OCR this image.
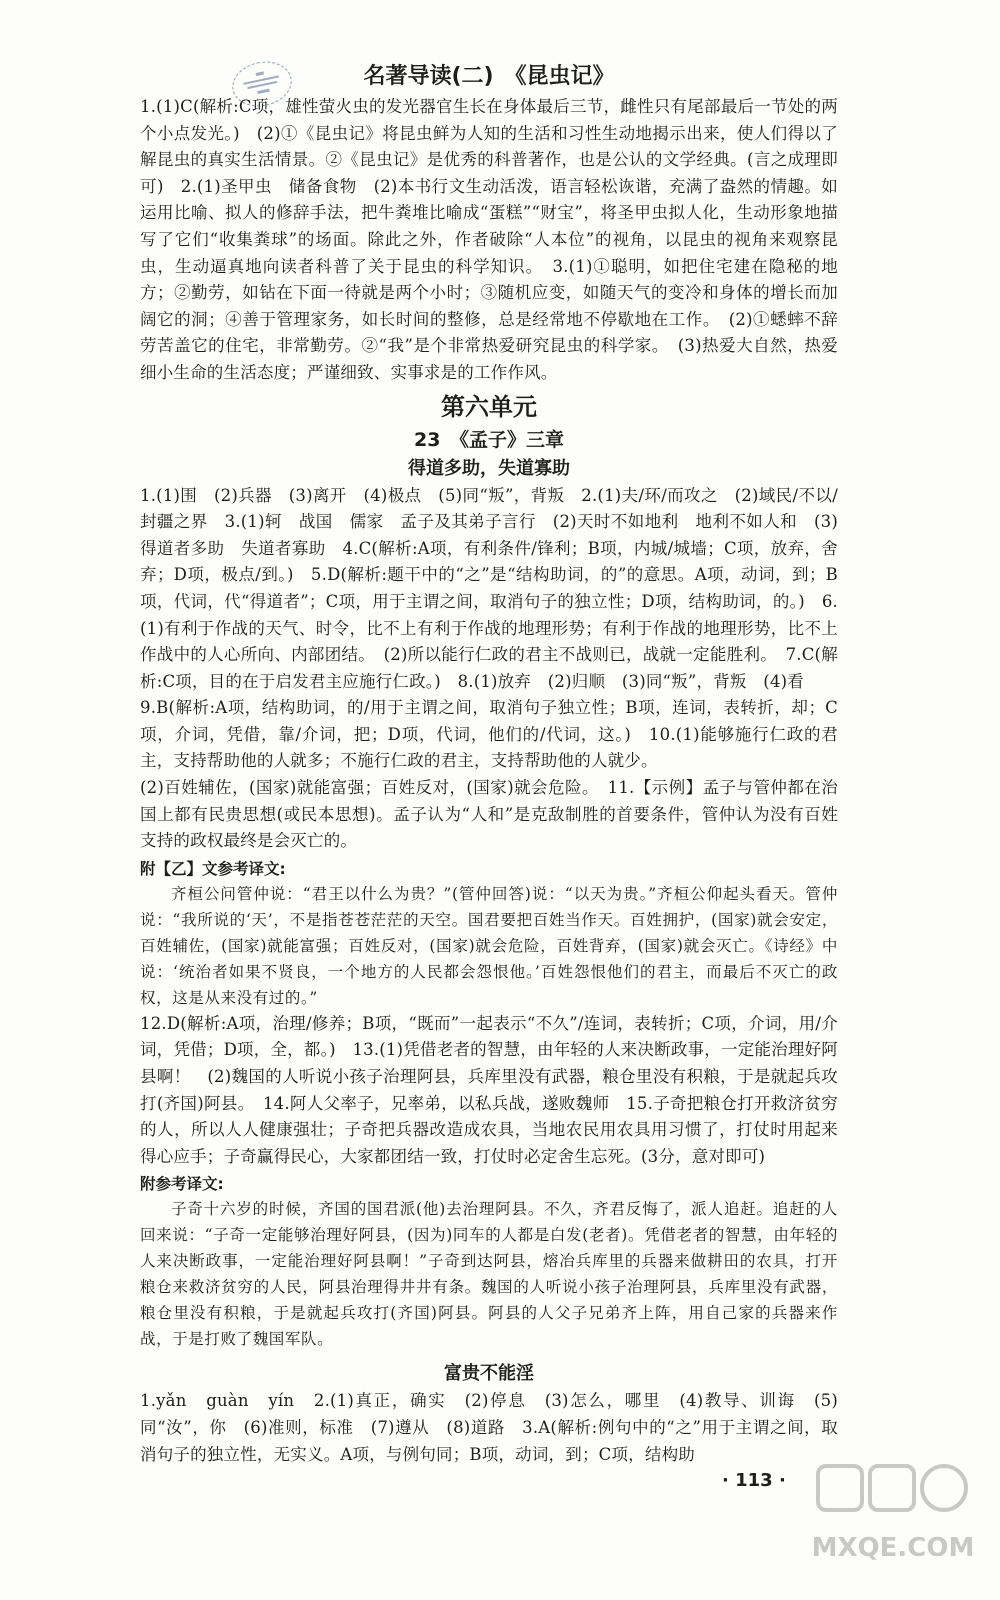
名著导读(二)　《昆虫记》

1.(1)C(解析:C项，雄性萤火虫的发光器官生长在身体最后三节，雌性只有尾部最后一节处的两个小点发光。)　(2)①《昆虫记》将昆虫鲜为人知的生活和习性生动地揭示出来，使人们得以了解昆虫的真实生活情景。②《昆虫记》是优秀的科普著作，也是公认的文学经典。(言之成理即可)　2.(1)圣甲虫　储备食物　(2)本书行文生动活泼，语言轻松诙谐，充满了盎然的情趣。如运用比喻、拟人的修辞手法，把牛粪堆比喻成“蛋糕”“财宝”，将圣甲虫拟人化，生动形象地描写了它们“收集粪球”的场面。除此之外，作者破除“人本位”的视角，以昆虫的视角来观察昆虫，生动逼真地向读者科普了关于昆虫的科学知识。　3.(1)①聪明，如把住宅建在隐秘的地方；②勤劳，如钻在下面一待就是两个小时；③随机应变，如随天气的变冷和身体的增长而加阔它的洞；④善于管理家务，如长时间的整修，总是经常地不停歇地在工作。　(2)①蟋蟀不辞劳苦盖它的住宅，非常勤劳。②“我”是个非常热爱研究昆虫的科学家。　(3)热爱大自然，热爱细小生命的生活态度；严谨细致、实事求是的工作作风。

第六单元
23　《孟子》三章
得道多助，失道寡助

1.(1)围　(2)兵器　(3)离开　(4)极点　(5)同“叛”，背叛　2.(1)夫/环/而攻之　(2)域民/不以/封疆之界　3.(1)轲　战国　儒家　孟子及其弟子言行　(2)天时不如地利　地利不如人和　(3)得道者多助　失道者寡助　4.C(解析:A项，有利条件/锋利；B项，内城/城墙；C项，放弃，舍弃；D项，极点/到。)　5.D(解析:题干中的“之”是“结构助词，的”的意思。A项，动词，到；B项，代词，代“得道者”；C项，用于主谓之间，取消句子的独立性；D项，结构助词，的。)　6.(1)有利于作战的天气、时令，比不上有利于作战的地理形势；有利于作战的地理形势，比不上作战中的人心所向、内部团结。　(2)所以能行仁政的君主不战则已，战就一定能胜利。　7.C(解析:C项，目的在于启发君主应施行仁政。)　8.(1)放弃　(2)归顺　(3)同“叛”，背叛　(4)看

9.B(解析:A项，结构助词，的/用于主谓之间，取消句子独立性；B项，连词，表转折，却；C项，介词，凭借，靠/介词，把；D项，代词，他们的/代词，这。)　10.(1)能够施行仁政的君主，支持帮助他的人就多；不施行仁政的君主，支持帮助他的人就少。

(2)百姓辅佐，(国家)就能富强；百姓反对，(国家)就会危险。　11.【示例】孟子与管仲都在治国上都有民贵思想(或民本思想)。孟子认为“人和”是克敌制胜的首要条件，管仲认为没有百姓支持的政权最终是会灭亡的。

附【乙】文参考译文:

齐桓公问管仲说：“君王以什么为贵？”(管仲回答)说：“以天为贵。”齐桓公仰起头看天。管仲说：“我所说的‘天’，不是指苍苍茫茫的天空。国君要把百姓当作天。百姓拥护，(国家)就会安定，百姓辅佐，(国家)就能富强；百姓反对，(国家)就会危险，百姓背弃，(国家)就会灭亡。《诗经》中说：‘统治者如果不贤良，一个地方的人民都会怨恨他。’百姓怨恨他们的君主，而最后不灭亡的政权，这是从来没有过的。”

12.D(解析:A项，治理/修养；B项，“既而”一起表示“不久”/连词，表转折；C项，介词，用/介词，凭借；D项，全，都。)　13.(1)凭借老者的智慧，由年轻的人来决断政事，一定能治理好阿县啊！　(2)魏国的人听说小孩子治理阿县，兵库里没有武器，粮仓里没有积粮，于是就起兵攻打(齐国)阿县。　14.阿人父率子，兄率弟，以私兵战，遂败魏师　15.子奇把粮仓打开救济贫穷的人，所以人人健康强壮；子奇把兵器改造成农具，当地农民用农具用习惯了，打仗时用起来得心应手；子奇赢得民心，大家都团结一致，打仗时必定舍生忘死。(3分，意对即可)

附参考译文:

子奇十六岁的时候，齐国的国君派(他)去治理阿县。不久，齐君反悔了，派人追赶。追赶的人回来说：“子奇一定能够治理好阿县，(因为)同车的人都是白发(老者)。凭借老者的智慧，由年轻的人来决断政事，一定能治理好阿县啊！”子奇到达阿县，熔冶兵库里的兵器来做耕田的农具，打开粮仓来救济贫穷的人民，阿县治理得井井有条。魏国的人听说小孩子治理阿县，兵库里没有武器，粮仓里没有积粮，于是就起兵攻打(齐国)阿县。阿县的人父子兄弟齐上阵，用自己家的兵器来作战，于是打败了魏国军队。

富贵不能淫

1.yǎn　guàn　yín　2.(1)真正，确实　(2)停息　(3)怎么，哪里　(4)教导、训诲　(5)同“汝”，你　(6)准则，标准　(7)遵从　(8)道路　3.A(解析:例句中的“之”用于主谓之间，取消句子的独立性，无实义。A项，与例句同；B项，动词，到；C项，结构助

· 113 ·
MXQE.COM
